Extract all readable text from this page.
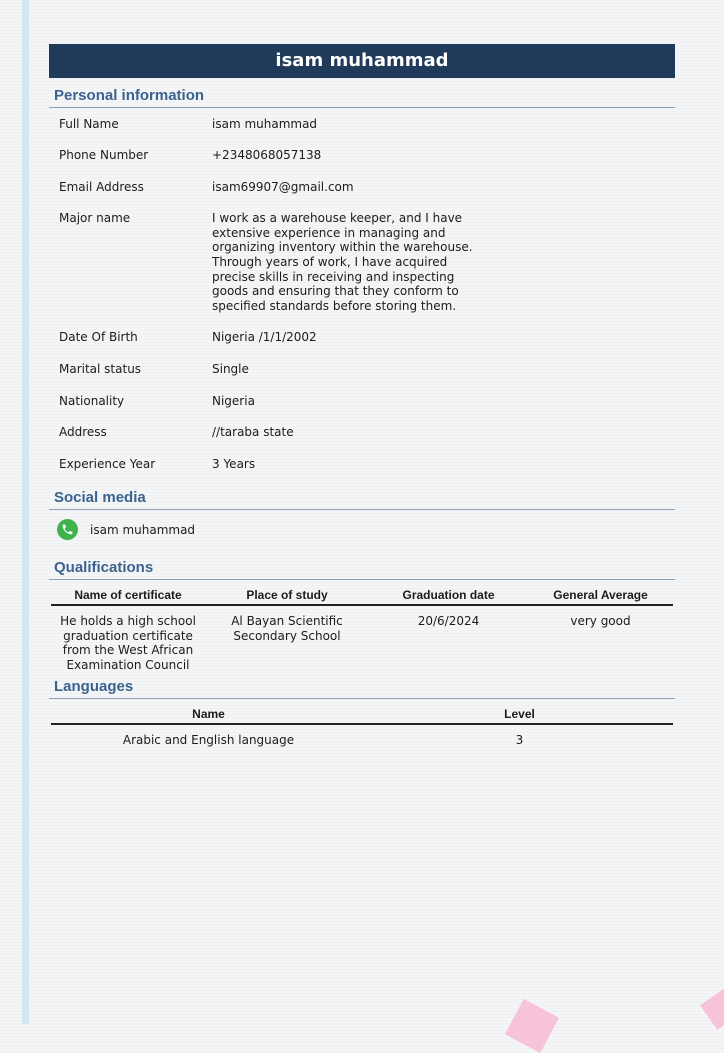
isam muhammad
Personal information
Full Name	isam muhammad
Phone Number	+2348068057138
Email Address	isam69907@gmail.com
Major name	I work as a warehouse keeper, and I have extensive experience in managing and organizing inventory within the warehouse. Through years of work, I have acquired precise skills in receiving and inspecting goods and ensuring that they conform to specified standards before storing them.
Date Of Birth	Nigeria /1/1/2002
Marital status	Single
Nationality	Nigeria
Address	//taraba state
Experience Year	3 Years
Social media
isam muhammad
Qualifications
Name of certificate	Place of study	Graduation date	General Average
He holds a high school graduation certificate from the West African Examination Council	Al Bayan Scientific Secondary School	20/6/2024	very good
Languages
Name	Level
Arabic and English language	3
